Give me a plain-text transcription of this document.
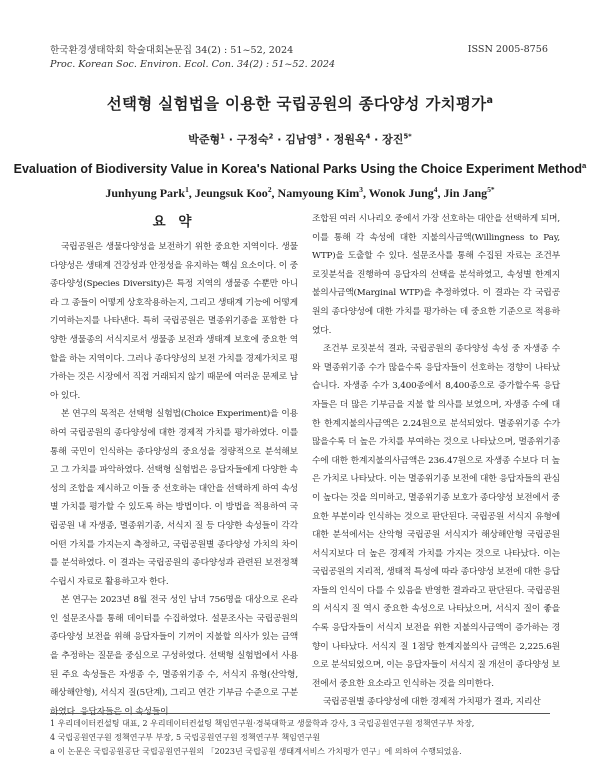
한국환경생태학회 학술대회논문집 34(2) : 51~52, 2024
Proc. Korean Soc. Environ. Ecol. Con. 34(2) : 51~52. 2024
ISSN 2005-8756
선택형 실험법을 이용한 국립공원의 종다양성 가치평가$^a$
박준형$^1$ · 구정숙$^2$ · 김남영$^3$ · 정원옥$^4$ · 장진$^{5*}$
Evaluation of Biodiversity Value in Korea's National Parks Using the Choice Experiment Method$^a$
Junhyung Park$^1$, Jeungsuk Koo$^2$, Namyoung Kim$^3$, Wonok Jung$^4$, Jin Jang$^{5*}$
요 약

국립공원은 생물다양성을 보전하기 위한 중요한 지역이다. 생물다양성은 생태계 건강성과 안정성을 유지하는 핵심 요소이다. 이 중 종다양성(Species Diversity)은 특정 지역의 생물종 수뿐만 아니라 그 종들이 어떻게 상호작용하는지, 그리고 생태계 기능에 어떻게 기여하는지를 나타낸다. 특히 국립공원은 멸종위기종을 포함한 다양한 생물종의 서식지로서 생물종 보전과 생태계 보호에 중요한 역할을 하는 지역이다. 그러나 종다양성의 보전 가치를 경제가치로 평가하는 것은 시장에서 직접 거래되지 않기 때문에 여러운 문제로 남아 있다.

본 연구의 목적은 선택형 실험법(Choice Experiment)을 이용하여 국립공원의 종다양성에 대한 경제적 가치를 평가하였다. 이를 통해 국민이 인식하는 종다양성의 중요성을 정량적으로 분석해보고 그 가치를 파악하였다. 선택형 실험법은 응답자들에게 다양한 속성의 조합을 제시하고 이들 중 선호하는 대안을 선택하게 하여 속성별 가치를 평가할 수 있도록 하는 방법이다. 이 방법을 적용하여 국립공원 내 자생종, 멸종위기종, 서식지 질 등 다양한 속성들이 각각 어떤 가치를 가지는지 측정하고, 국립공원별 종다양성 가치의 차이를 분석하였다. 이 결과는 국립공원의 종다양성과 관련된 보전정책 수립시 자료로 활용하고자 한다.

본 연구는 2023년 8월 전국 성인 남녀 756명을 대상으로 온라인 설문조사를 통해 데이터를 수집하였다. 설문조사는 국립공원의 종다양성 보전을 위해 응답자들이 기꺼이 지불할 의사가 있는 금액을 추정하는 질문을 중심으로 구성하였다. 선택형 실험법에서 사용된 주요 속성들은 자생종 수, 멸종위기종 수, 서식지 유형(산악형, 해상해안형), 서식지 질(5단계), 그리고 연간 기부금 수준으로 구분하였다. 응답자들은 이 속성들이

조합된 여러 시나리오 중에서 가장 선호하는 대안을 선택하게 되며, 이를 통해 각 속성에 대한 지불의사금액(Willingness to Pay, WTP)을 도출할 수 있다. 설문조사를 통해 수집된 자료는 조건부 로짓분석을 진행하여 응답자의 선택을 분석하였고, 속성별 한계지불의사금액(Marginal WTP)을 추정하였다. 이 결과는 각 국립공원의 종다양성에 대한 가치를 평가하는 데 중요한 기준으로 적용하였다.

조건부 로짓분석 결과, 국립공원의 종다양성 속성 중 자생종 수와 멸종위기종 수가 많을수록 응답자들이 선호하는 경향이 나타났습니다. 자생종 수가 3,400종에서 8,400종으로 증가할수록 응답자들은 더 많은 기부금을 지불 할 의사를 보였으며, 자생종 수에 대한 한계지불의사금액은 2.24원으로 분석되었다. 멸종위기종 수가 많을수록 더 높은 가치를 부여하는 것으로 나타났으며, 멸종위기종 수에 대한 한계지불의사금액은 236.47원으로 자생종 수보다 더 높은 가치로 나타났다. 이는 멸종위기종 보전에 대한 응답자들의 관심이 높다는 것을 의미하고, 멸종위기종 보호가 종다양성 보전에서 중요한 부분이라 인식하는 것으로 판단된다. 국립공원 서식지 유형에 대한 분석에서는 산악형 국립공원 서식지가 해상해안형 국립공원 서식지보다 더 높은 경제적 가치를 가지는 것으로 나타났다. 이는 국립공원의 지리적, 생태적 특성에 따라 종다양성 보전에 대한 응답자들의 인식이 다를 수 있음을 반영한 결과라고 판단된다. 국립공원의 서식지 질 역시 중요한 속성으로 나타났으며, 서식지 질이 좋을수록 응답자들이 서식지 보전을 위한 지불의사금액이 증가하는 경향이 나타났다. 서식지 질 1점당 한계지불의사 금액은 2,225.6원으로 분석되었으며, 이는 응답자들이 서식지 질 개선이 종다양성 보전에서 중요한 요소라고 인식하는 것을 의미한다.

국립공원별 종다양성에 대한 경제적 가치평가 결과, 지리산

1 우리데이터컨설팅 대표, 2 우리데이터컨설팅 책임연구원·경북대학교 생물학과 강사, 3 국립공원연구원 정책연구부 차장,
4 국립공원연구원 정책연구부 부장, 5 국립공원연구원 정책연구부 책임연구원
a 이 논문은 국립공원공단 국립공원연구원의 「2023년 국립공원 생태계서비스 가치평가 연구」에 의하여 수행되었음.
